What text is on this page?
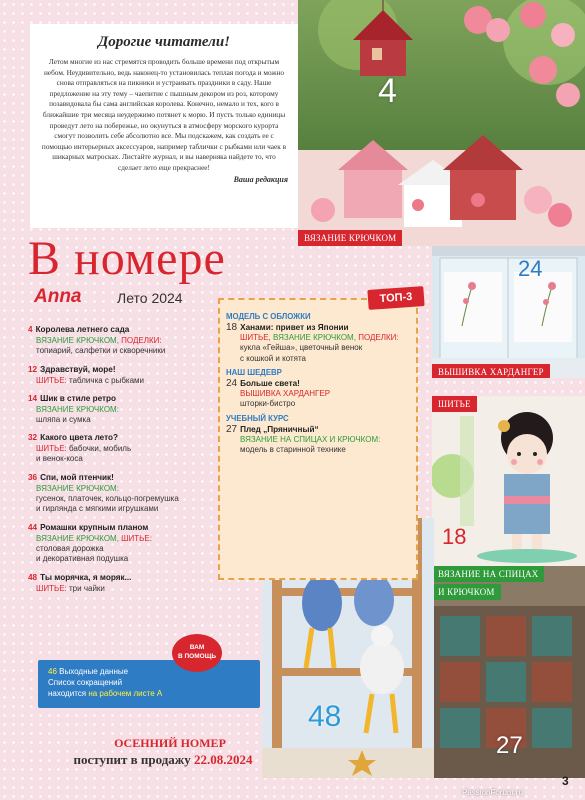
Дорогие читатели!
Летом многие из нас стремятся проводить больше времени под открытым небом. Неудивительно, ведь наконец-то установилась теплая погода и можно снова отправляться на пикники и устраивать праздники в саду. Наше предложение на эту тему – чаепитие с пышным декором из роз, которому позавидовала бы сама английская королева. Конечно, немало и тех, кого в ближайшие три месяца неудержимо потянет к морю. И пусть только единицы проведут лето на побережье, но окунуться в атмосферу морского курорта смогут позволить себе абсолютно все. Мы подскажем, как создать ее с помощью интерьерных аксессуаров, например таблички с рыбками или чаек в шикарных матросках. Листайте журнал, и вы наверняка найдете то, что сделает лето еще прекраснее!
Ваша редакция
4
ВЯЗАНИЕ КРЮЧКОМ
24
ВЫШИВКА ХАРДАНГЕР
ШИТЬЕ
18
ВЯЗАНИЕ НА СПИЦАХ
И КРЮЧКОМ
27
48
В номере
Anna	Лето 2024
4 Королева летнего сада
ВЯЗАНИЕ КРЮЧКОМ, ПОДЕЛКИ:
топиарий, салфетки и скворечники
12 Здравствуй, море!
ШИТЬЕ: табличка с рыбками
14 Шик в стиле ретро
ВЯЗАНИЕ КРЮЧКОМ:
шляпа и сумка
32 Какого цвета лето?
ШИТЬЕ: бабочки, мобиль
и венок-коса
36 Спи, мой птенчик!
ВЯЗАНИЕ КРЮЧКОМ:
гусенок, платочек, кольцо-погремушка
и гирлянда с мягкими игрушками
44 Ромашки крупным планом
ВЯЗАНИЕ КРЮЧКОМ, ШИТЬЕ:
столовая дорожка
и декоративная подушка
48 Ты морячка, я моряк...
ШИТЬЕ: три чайки
ТОП-3
МОДЕЛЬ С ОБЛОЖКИ
18 Ханами: привет из Японии
ШИТЬЕ, ВЯЗАНИЕ КРЮЧКОМ, ПОДЕЛКИ:
кукла «Гейша», цветочный венок
с кошкой и котята
НАШ ШЕДЕВР
24 Больше света!
ВЫШИВКА ХАРДАНГЕР
шторки-бистро
УЧЕБНЫЙ КУРС
27 Плед „Пряничный“
ВЯЗАНИЕ НА СПИЦАХ И КРЮЧКОМ:
модель в старинной технике
46 Выходные данные
Список сокращений
находится на рабочем листе А
ВАМ
В ПОМОЩЬ
ОСЕННИЙ НОМЕР
поступит в продажу 22.08.2024
3
PassionForum.ru
